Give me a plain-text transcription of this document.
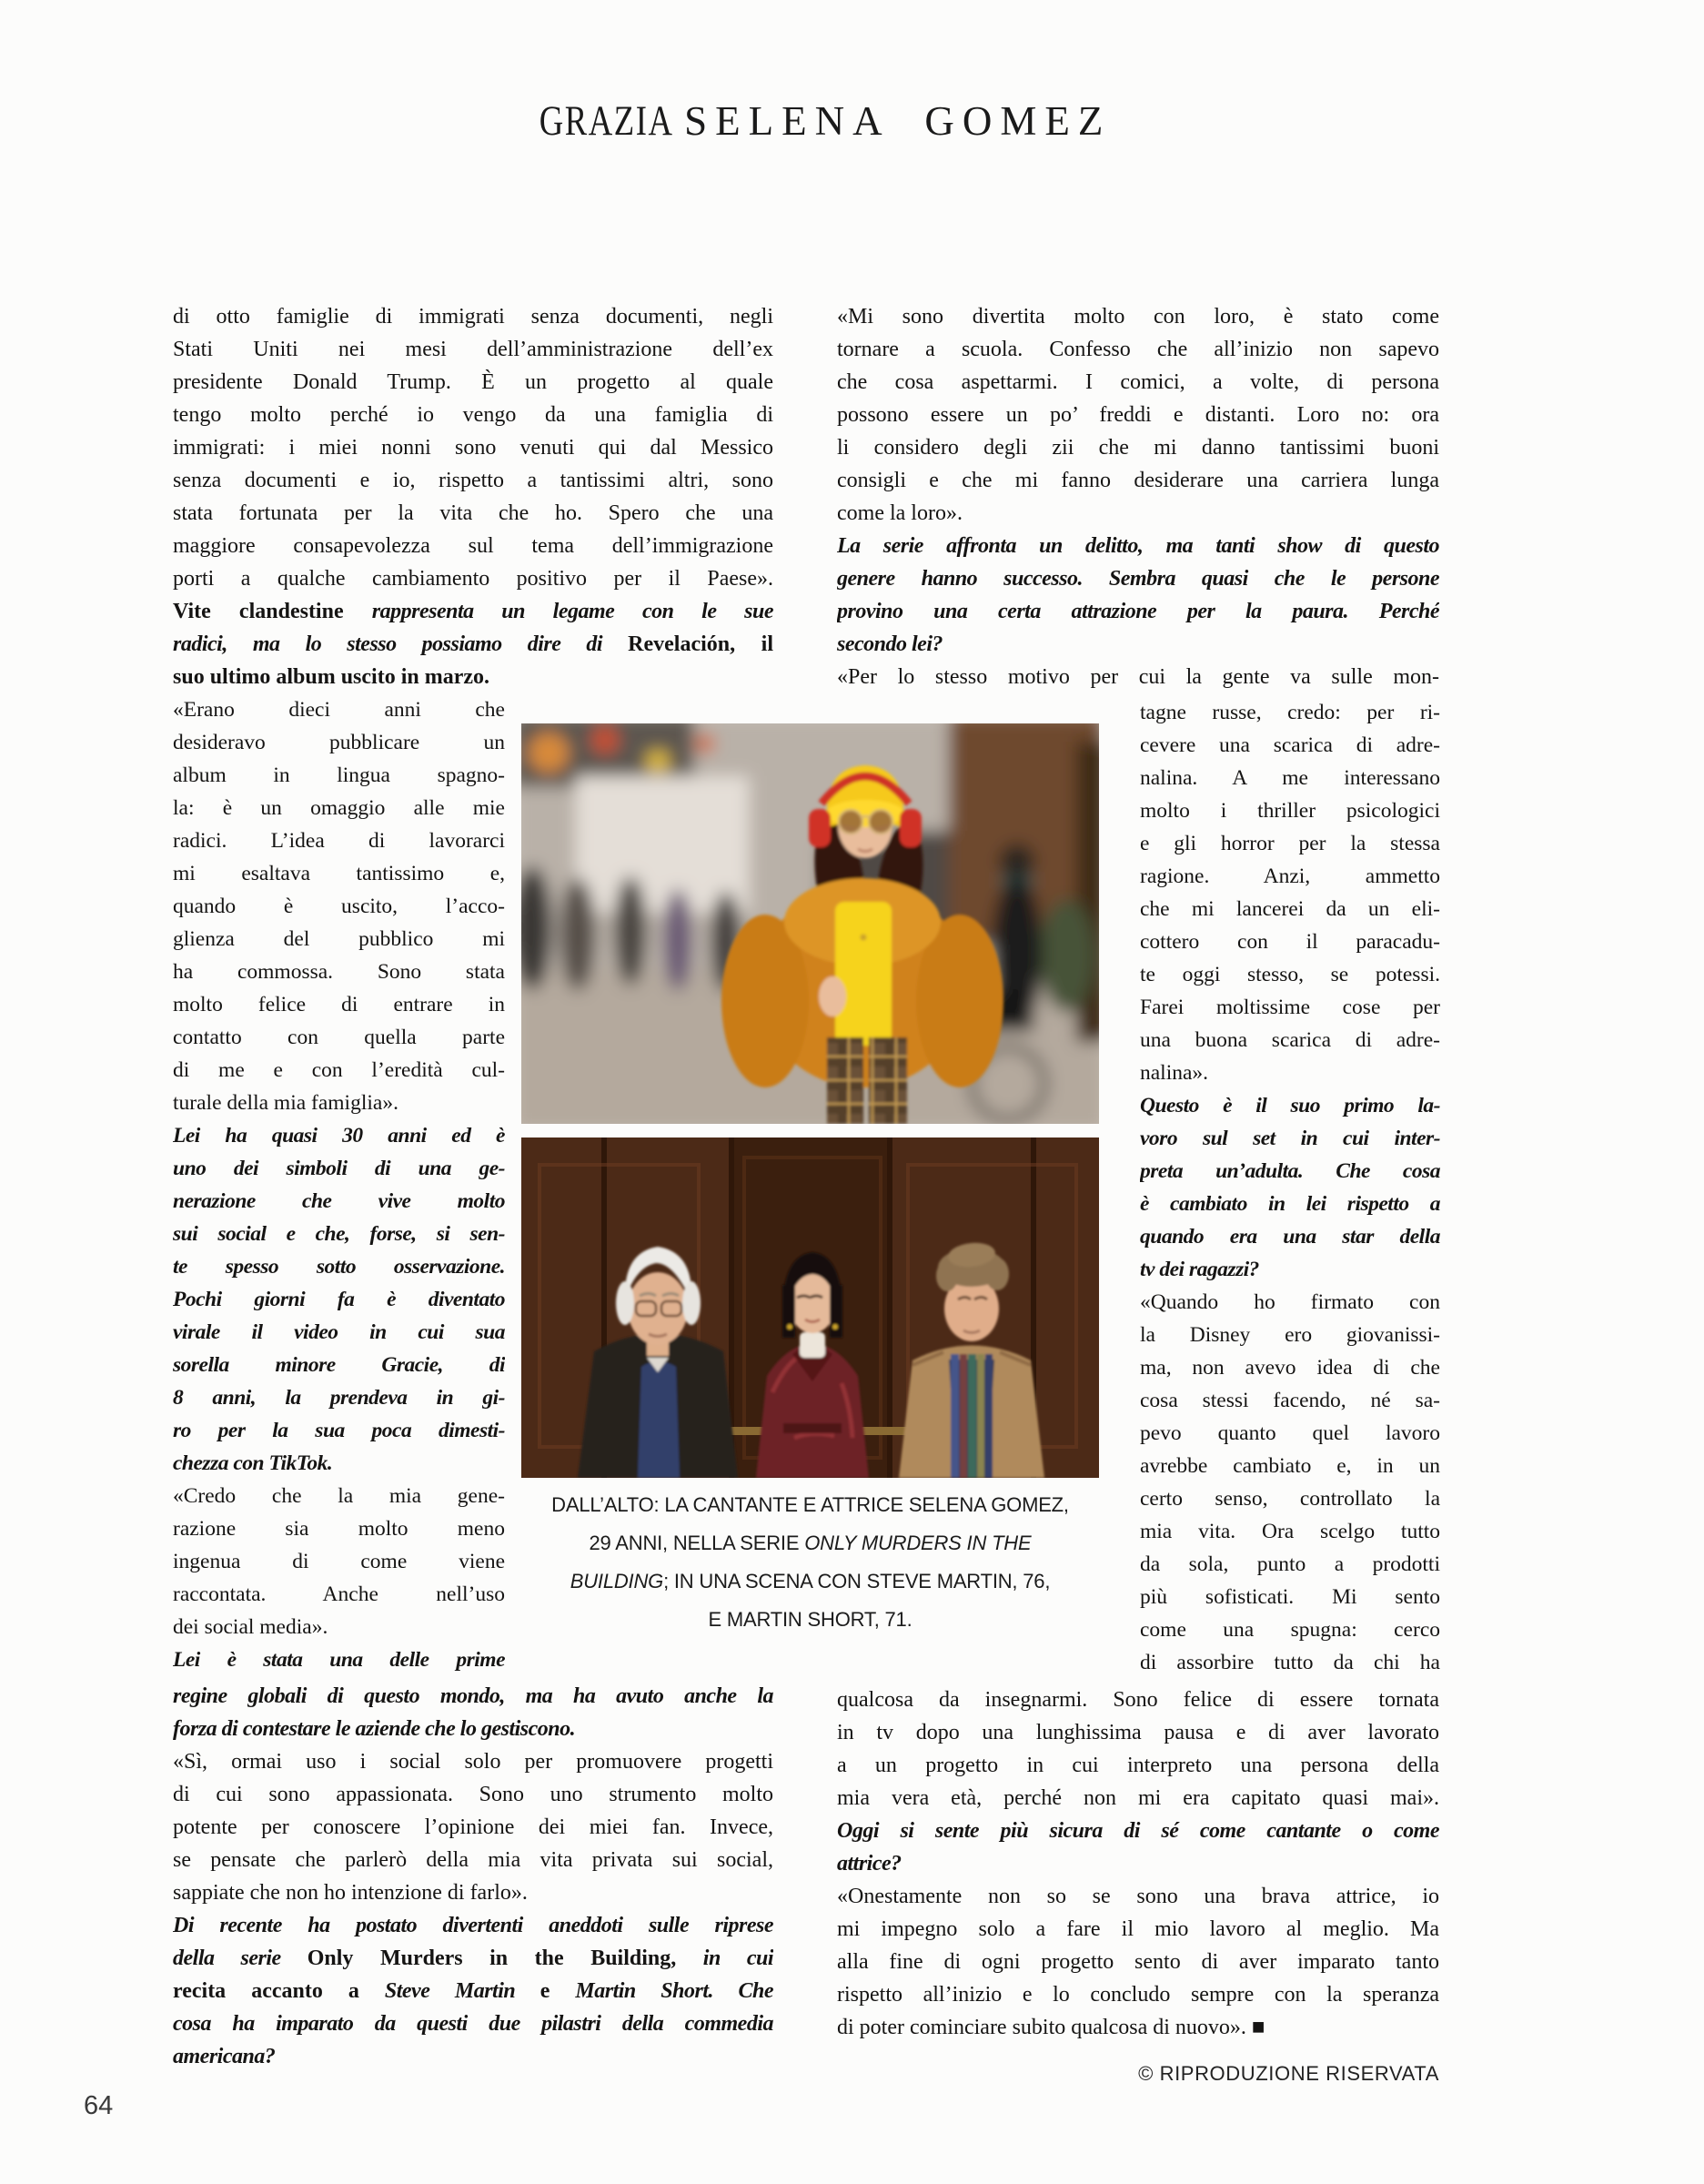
GRAZIA SELENA GOMEZ
di otto famiglie di immigrati senza documenti, negli
Stati Uniti nei mesi dell’amministrazione dell’ex
presidente Donald Trump. È un progetto al quale
tengo molto perché io vengo da una famiglia di
immigrati: i miei nonni sono venuti qui dal Messico
senza documenti e io, rispetto a tantissimi altri, sono
stata fortunata per la vita che ho. Spero che una
maggiore consapevolezza sul tema dell’immigrazione
porti a qualche cambiamento positivo per il Paese».
Vite clandestine rappresenta un legame con le sue
radici, ma lo stesso possiamo dire di Revelación, il
suo ultimo album uscito in marzo.
«Mi sono divertita molto con loro, è stato come
tornare a scuola. Confesso che all’inizio non sapevo
che cosa aspettarmi. I comici, a volte, di persona
possono essere un po’ freddi e distanti. Loro no: ora
li considero degli zii che mi danno tantissimi buoni
consigli e che mi fanno desiderare una carriera lunga
come la loro».
La serie affronta un delitto, ma tanti show di questo
genere hanno successo. Sembra quasi che le persone
provino una certa attrazione per la paura. Perché
secondo lei?
«Per lo stesso motivo per cui la gente va sulle mon-
«Erano dieci anni che
desideravo pubblicare un
album in lingua spagno-
la: è un omaggio alle mie
radici. L’idea di lavorarci
mi esaltava tantissimo e,
quando è uscito, l’acco-
glienza del pubblico mi
ha commossa. Sono stata
molto felice di entrare in
contatto con quella parte
di me e con l’eredità cul-
turale della mia famiglia».
Lei ha quasi 30 anni ed è
uno dei simboli di una ge-
nerazione che vive molto
sui social e che, forse, si sen-
te spesso sotto osservazione.
Pochi giorni fa è diventato
virale il video in cui sua
sorella minore Gracie, di
8 anni, la prendeva in gi-
ro per la sua poca dimesti-
chezza con TikTok.
«Credo che la mia gene-
razione sia molto meno
ingenua di come viene
raccontata. Anche nell’uso
dei social media».
Lei è stata una delle prime
tagne russe, credo: per ri-
cevere una scarica di adre-
nalina. A me interessano
molto i thriller psicologici
e gli horror per la stessa
ragione. Anzi, ammetto
che mi lancerei da un eli-
cottero con il paracadu-
te oggi stesso, se potessi.
Farei moltissime cose per
una buona scarica di adre-
nalina».
Questo è il suo primo la-
voro sul set in cui inter-
preta un’adulta. Che cosa
è cambiato in lei rispetto a
quando era una star della
tv dei ragazzi?
«Quando ho firmato con
la Disney ero giovanissi-
ma, non avevo idea di che
cosa stessi facendo, né sa-
pevo quanto quel lavoro
avrebbe cambiato e, in un
certo senso, controllato la
mia vita. Ora scelgo tutto
da sola, punto a prodotti
più sofisticati. Mi sento
come una spugna: cerco
di assorbire tutto da chi ha
regine globali di questo mondo, ma ha avuto anche la
forza di contestare le aziende che lo gestiscono.
«Sì, ormai uso i social solo per promuovere progetti
di cui sono appassionata. Sono uno strumento molto
potente per conoscere l’opinione dei miei fan. Invece,
se pensate che parlerò della mia vita privata sui social,
sappiate che non ho intenzione di farlo».
Di recente ha postato divertenti aneddoti sulle riprese
della serie Only Murders in the Building, in cui
recita accanto a Steve Martin e Martin Short. Che
cosa ha imparato da questi due pilastri della commedia
americana?
qualcosa da insegnarmi. Sono felice di essere tornata
in tv dopo una lunghissima pausa e di aver lavorato
a un progetto in cui interpreto una persona della
mia vera età, perché non mi era capitato quasi mai».
Oggi si sente più sicura di sé come cantante o come
attrice?
«Onestamente non so se sono una brava attrice, io
mi impegno solo a fare il mio lavoro al meglio. Ma
alla fine di ogni progetto sento di aver imparato tanto
rispetto all’inizio e lo concludo sempre con la speranza
di poter cominciare subito qualcosa di nuovo». ■
DALL’ALTO: LA CANTANTE E ATTRICE SELENA GOMEZ,
29 ANNI, NELLA SERIE ONLY MURDERS IN THE
BUILDING; IN UNA SCENA CON STEVE MARTIN, 76,
E MARTIN SHORT, 71.
© RIPRODUZIONE RISERVATA
64
